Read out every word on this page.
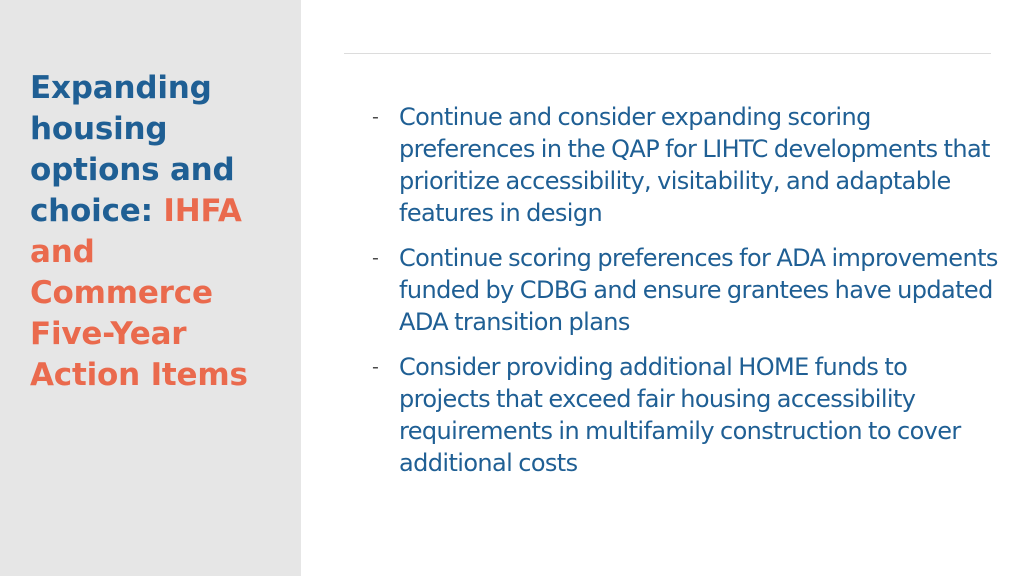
Expanding
housing
options and
choice: IHFA
and
Commerce
Five-Year
Action Items
- Continue and consider expanding scoring preferences in the QAP for LIHTC developments that prioritize accessibility, visitability, and adaptable features in design
- Continue scoring preferences for ADA improvements funded by CDBG and ensure grantees have updated ADA transition plans
- Consider providing additional HOME funds to projects that exceed fair housing accessibility requirements in multifamily construction to cover additional costs
